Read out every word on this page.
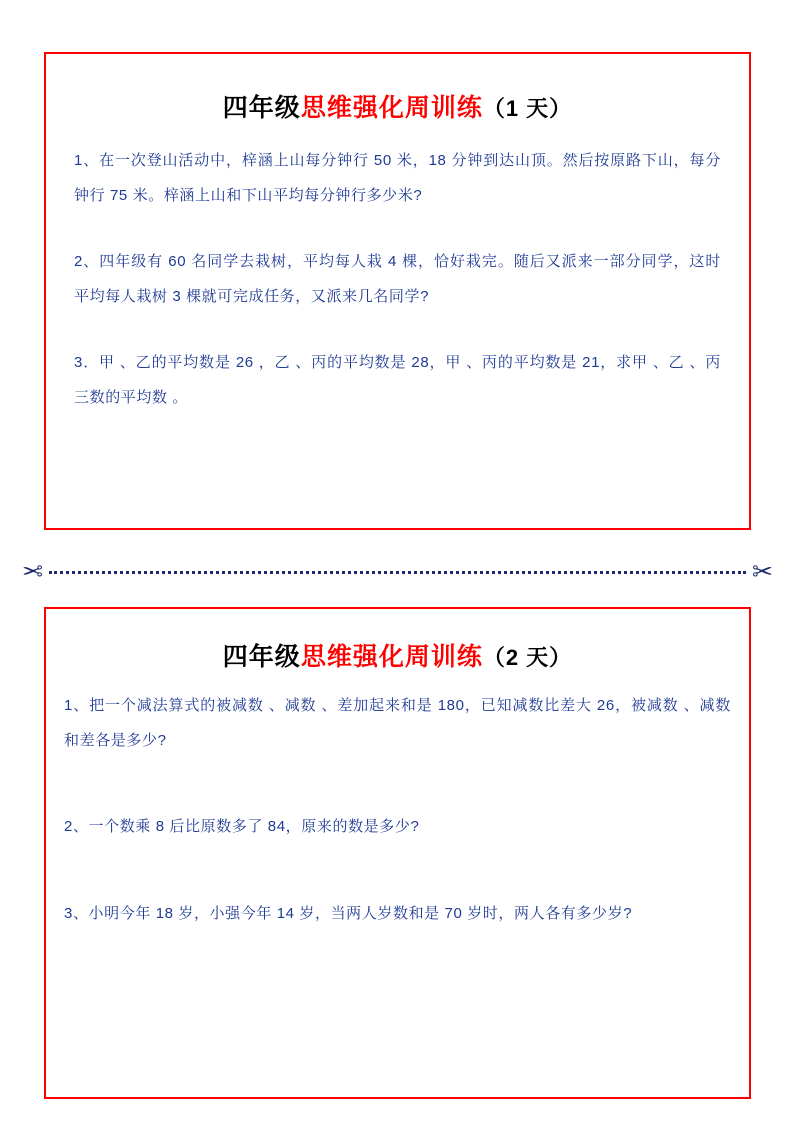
四年级思维强化周训练（1 天）
1、在一次登山活动中，梓涵上山每分钟行 50 米，18 分钟到达山顶。然后按原路下山，每分钟行 75 米。梓涵上山和下山平均每分钟行多少米?
2、四年级有 60 名同学去栽树，平均每人栽 4 棵，恰好栽完。随后又派来一部分同学，这时平均每人栽树 3 棵就可完成任务，又派来几名同学?
3．甲 、乙的平均数是 26 ，乙 、丙的平均数是 28，甲 、丙的平均数是 21，求甲 、乙 、丙三数的平均数 。
✂	✂
四年级思维强化周训练（2 天）
1、把一个减法算式的被减数 、减数 、差加起来和是 180，已知减数比差大 26，被减数 、减数和差各是多少?
2、一个数乘 8 后比原数多了 84，原来的数是多少?
3、小明今年 18 岁，小强今年 14 岁，当两人岁数和是 70 岁时，两人各有多少岁?
